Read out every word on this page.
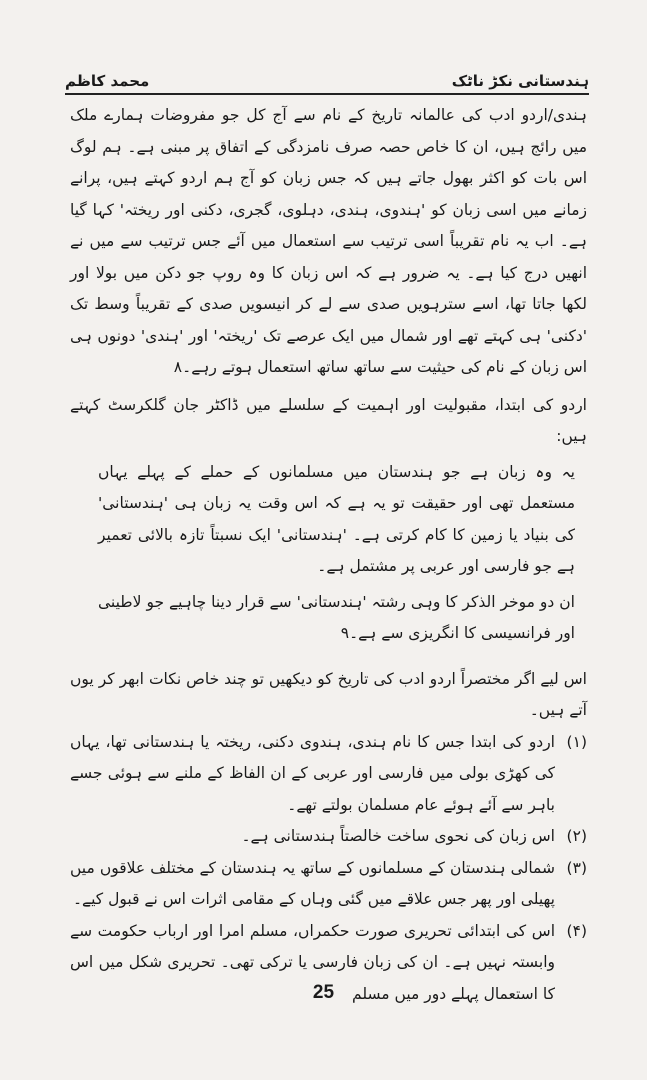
ہندستانی نکڑ ناٹک
محمد کاظم

ہندی/اردو ادب کی عالمانہ تاریخ کے نام سے آج کل جو مفروضات ہمارے ملک میں رائج ہیں، ان کا خاص حصہ صرف نامزدگی کے اتفاق پر مبنی ہے۔ ہم لوگ اس بات کو اکثر بھول جاتے ہیں کہ جس زبان کو آج ہم اردو کہتے ہیں، پرانے زمانے میں اسی زبان کو 'ہندوی، ہندی، دہلوی، گجری، دکنی اور ریختہ' کہا گیا ہے۔ اب یہ نام تقریباً اسی ترتیب سے استعمال میں آئے جس ترتیب سے میں نے انھیں درج کیا ہے۔ یہ ضرور ہے کہ اس زبان کا وہ روپ جو دکن میں بولا اور لکھا جاتا تھا، اسے سترہویں صدی سے لے کر انیسویں صدی کے تقریباً وسط تک 'دکنی' ہی کہتے تھے اور شمال میں ایک عرصے تک 'ریختہ' اور 'ہندی' دونوں ہی اس زبان کے نام کی حیثیت سے ساتھ ساتھ استعمال ہوتے رہے۔۸

اردو کی ابتدا، مقبولیت اور اہمیت کے سلسلے میں ڈاکٹر جان گلکرسٹ کہتے ہیں:

یہ وہ زبان ہے جو ہندستان میں مسلمانوں کے حملے کے پہلے یہاں مستعمل تھی اور حقیقت تو یہ ہے کہ اس وقت یہ زبان ہی 'ہندستانی' کی بنیاد یا زمین کا کام کرتی ہے۔ 'ہندستانی' ایک نسبتاً تازہ بالائی تعمیر ہے جو فارسی اور عربی پر مشتمل ہے۔

ان دو موخر الذکر کا وہی رشتہ 'ہندستانی' سے قرار دینا چاہیے جو لاطینی اور فرانسیسی کا انگریزی سے ہے۔۹

اس لیے اگر مختصراً اردو ادب کی تاریخ کو دیکھیں تو چند خاص نکات ابھر کر یوں آتے ہیں۔

(۱)
اردو کی ابتدا جس کا نام ہندی، ہندوی دکنی، ریختہ یا ہندستانی تھا، یہاں کی کھڑی بولی میں فارسی اور عربی کے ان الفاظ کے ملنے سے ہوئی جسے باہر سے آئے ہوئے عام مسلمان بولتے تھے۔
(۲)
اس زبان کی نحوی ساخت خالصتاً ہندستانی ہے۔
(۳)
شمالی ہندستان کے مسلمانوں کے ساتھ یہ ہندستان کے مختلف علاقوں میں پھیلی اور پھر جس علاقے میں گئی وہاں کے مقامی اثرات اس نے قبول کیے۔
(۴)
اس کی ابتدائی تحریری صورت حکمراں، مسلم امرا اور ارباب حکومت سے وابستہ نہیں ہے۔ ان کی زبان فارسی یا ترکی تھی۔ تحریری شکل میں اس کا استعمال پہلے دور میں مسلم
25
